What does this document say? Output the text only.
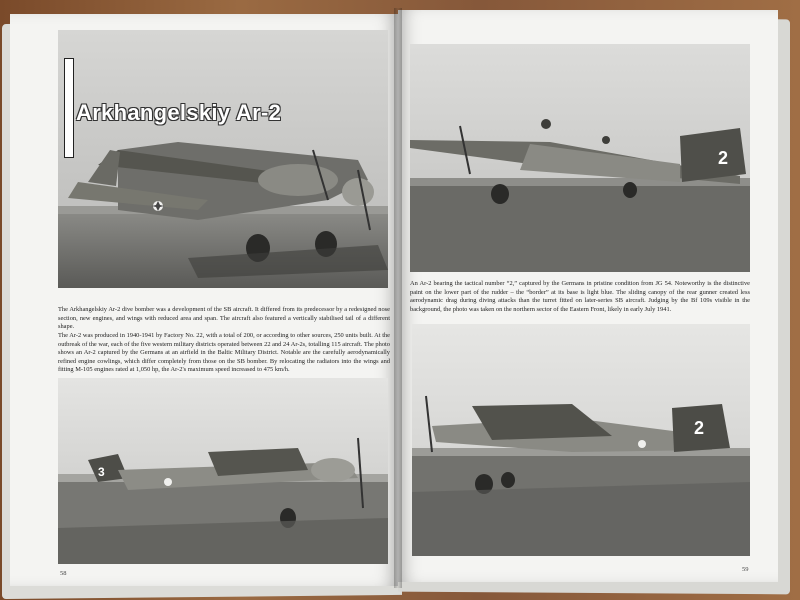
Arkhangelskiy Ar-2
The Arkhangelskiy Ar-2 dive bomber was a development of the SB aircraft. It differed from its predecessor by a redesigned nose section, new engines, and wings with reduced area and span. The aircraft also featured a vertically stabilised tail of a different shape.
The Ar-2 was produced in 1940-1941 by Factory No. 22, with a total of 200, or according to other sources, 250 units built. At the outbreak of the war, each of the five western military districts operated between 22 and 24 Ar-2s, totalling 115 aircraft. The photo shows an Ar-2 captured by the Germans at an airfield in the Baltic Military District. Notable are the carefully aerodynamically refined engine cowlings, which differ completely from those on the SB bomber. By relocating the radiators into the wings and fitting M-105 engines rated at 1,050 hp, the Ar-2's maximum speed increased to 475 km/h.
3
58
2
An Ar-2 bearing the tactical number “2,” captured by the Germans in pristine condition from JG 54. Noteworthy is the distinctive paint on the lower part of the rudder – the “border” at its base is light blue. The sliding canopy of the rear gunner created less aerodynamic drag during diving attacks than the turret fitted on later-series SB aircraft. Judging by the Bf 109s visible in the background, the photo was taken on the northern sector of the Eastern Front, likely in early July 1941.
2
59
